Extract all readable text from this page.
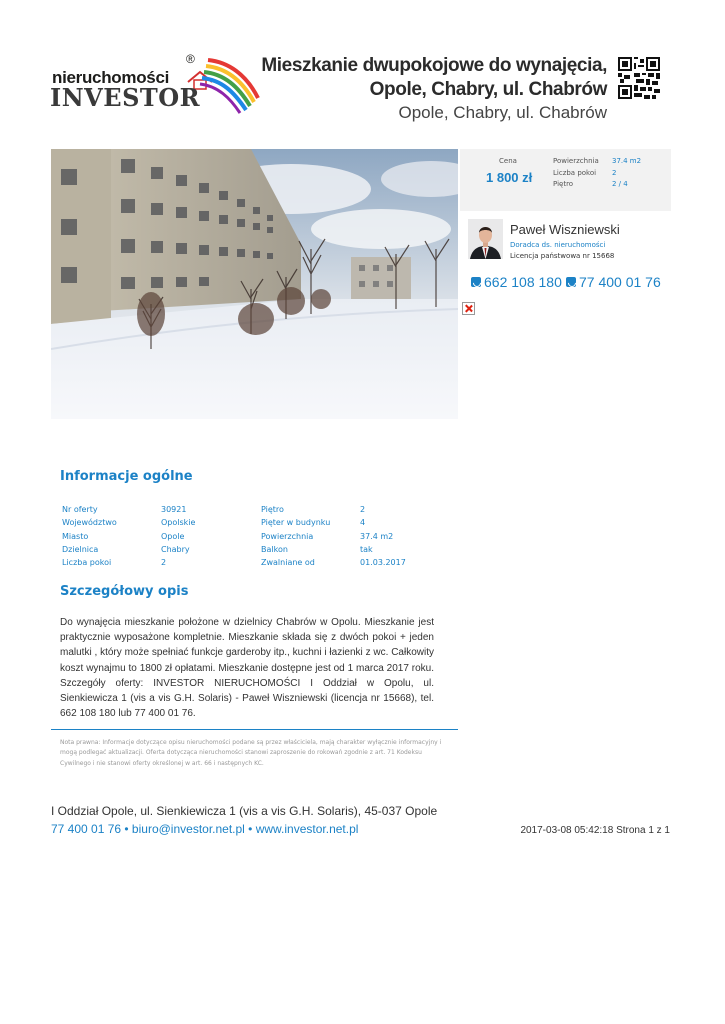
nieruchomości
®
INVESTOR
Mieszkanie dwupokojowe do wynajęcia, Opole, Chabry, ul. Chabrów
Opole, Chabry, ul. Chabrów
Cena
1 800 zł
Powierzchnia 37.4 m2
Liczba pokoi 2
Piętro	2 / 4
Paweł Wiszniewski
Doradca ds. nieruchomości
Licencja państwowa nr 15668
662 108 180 77 400 01 76
Informacje ogólne
Nr oferty	30921	Piętro	2
Województwo	Opolskie	Pięter w budynku	4
Miasto	Opole	Powierzchnia	37.4 m2
Dzielnica	Chabry	Balkon	tak
Liczba pokoi	2	Zwalniane od	01.03.2017
Szczegółowy opis
Do wynajęcia mieszkanie położone w dzielnicy Chabrów w Opolu. Mieszkanie jest praktycznie wyposażone kompletnie. Mieszkanie składa się z dwóch pokoi + jeden malutki , który może spełniać funkcje garderoby itp., kuchni i łazienki z wc. Całkowity koszt wynajmu to 1800 zł opłatami. Mieszkanie dostępne jest od 1 marca 2017 roku. Szczegóły oferty: INVESTOR NIERUCHOMOŚCI I Oddział w Opolu, ul. Sienkiewicza 1 (vis a vis G.H. Solaris) - Paweł Wiszniewski (licencja nr 15668), tel. 662 108 180 lub 77 400 01 76.
Nota prawna: Informacje dotyczące opisu nieruchomości podane są przez właściciela, mają charakter wyłącznie informacyjny i mogą podlegać aktualizacji. Oferta dotycząca nieruchomości stanowi zaproszenie do rokowań zgodnie z art. 71 Kodeksu Cywilnego i nie stanowi oferty określonej w art. 66 i następnych KC.
I Oddział Opole, ul. Sienkiewicza 1 (vis a vis G.H. Solaris), 45-037 Opole
77 400 01 76 • biuro@investor.net.pl • www.investor.net.pl	2017-03-08 05:42:18 Strona 1 z 1
